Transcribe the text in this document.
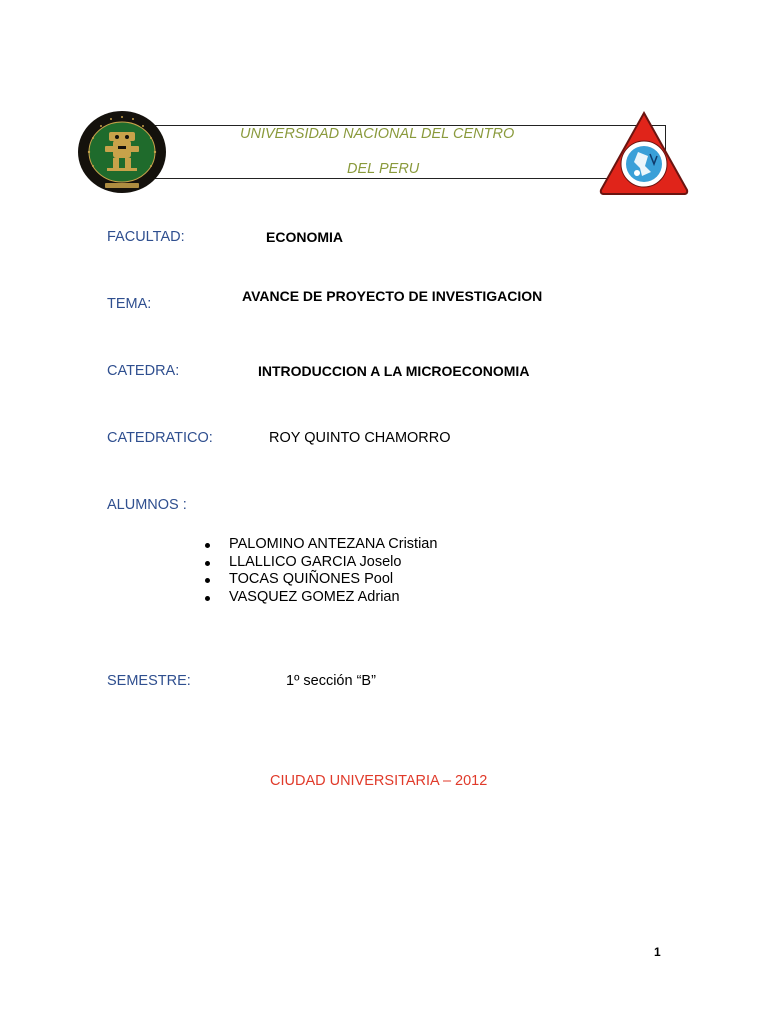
UNIVERSIDAD NACIONAL DEL CENTRO
DEL PERU
FACULTAD:	ECONOMIA
TEMA:	AVANCE DE PROYECTO DE INVESTIGACION
CATEDRA:	INTRODUCCION A LA MICROECONOMIA
CATEDRATICO:	ROY QUINTO CHAMORRO
ALUMNOS :
PALOMINO ANTEZANA Cristian
LLALLICO GARCIA Joselo
TOCAS QUIÑONES Pool
VASQUEZ GOMEZ Adrian
SEMESTRE:	1º sección “B”
CIUDAD UNIVERSITARIA – 2012
1
